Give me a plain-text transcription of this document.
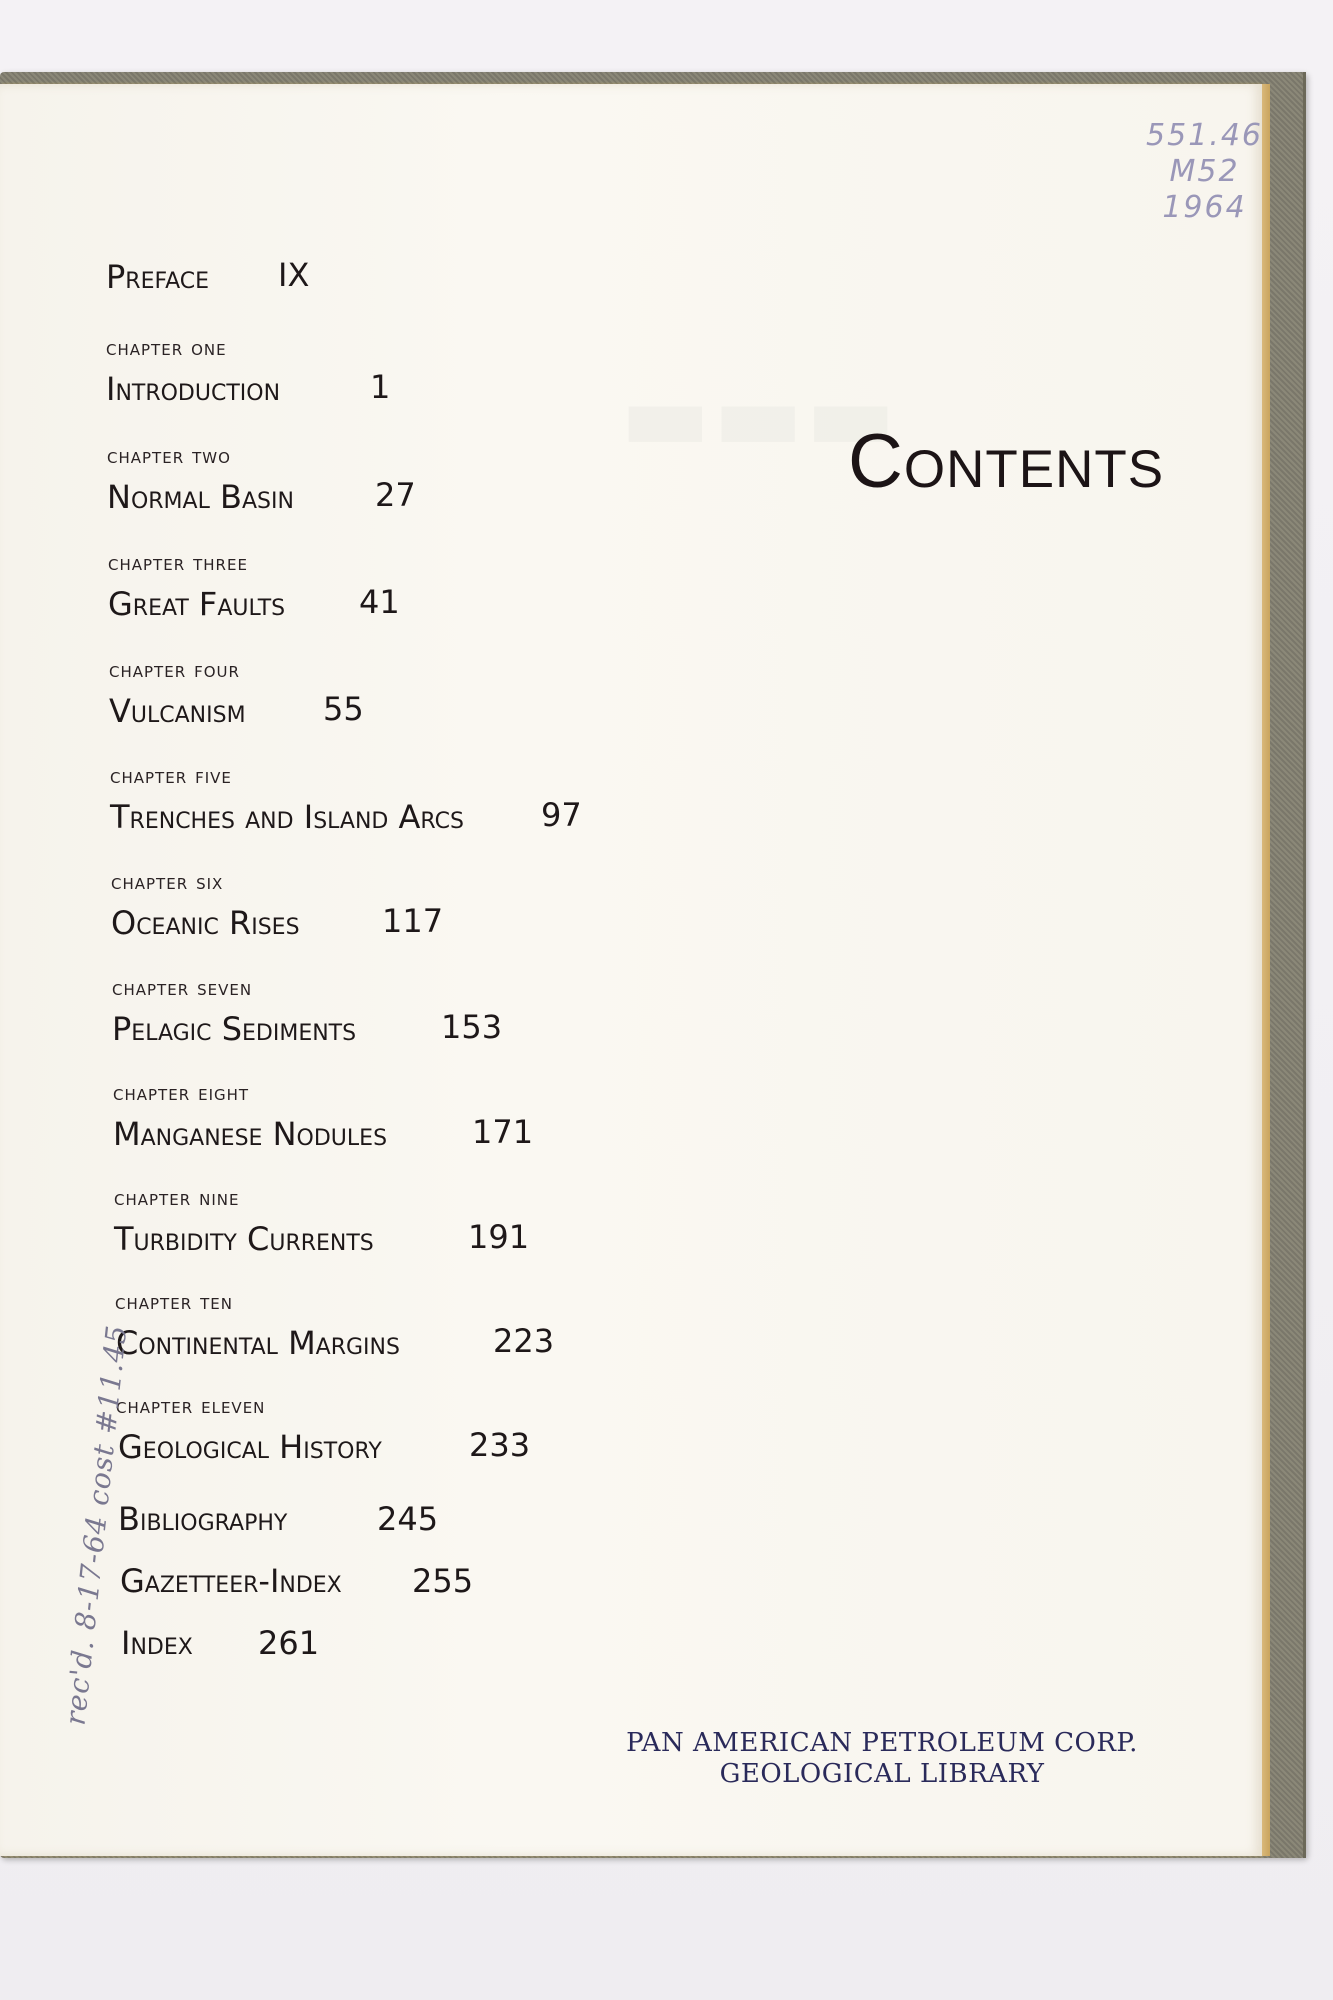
▬▬▬
551.46
M52
1964
Contents
Preface IX
chapter one
Introduction	1
chapter two
Normal Basin	27
chapter three
Great Faults 41
chapter four
Vulcanism 55
chapter five
Trenches and Island Arcs 97
chapter six
Oceanic Rises	117
chapter seven
Pelagic Sediments	153
chapter eight
Manganese Nodules	171
chapter nine
Turbidity Currents	191
chapter ten
Continental Margins	223
chapter eleven
Geological History	233
Bibliography	245
Gazetteer-Index 255
Index 261
rec'd. 8-17-64 cost #11.45
PAN AMERICAN PETROLEUM CORP.
GEOLOGICAL LIBRARY
